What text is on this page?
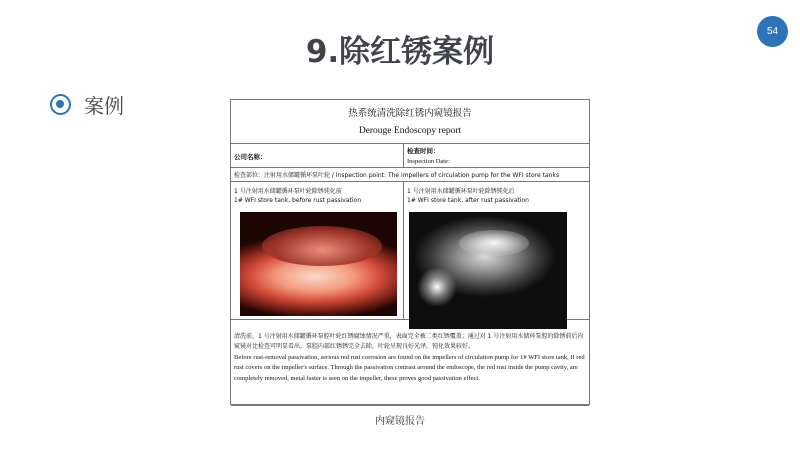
9.除红锈案例
54
案例	热系统清洗除红锈内窥镜报告
Derouge Endoscopy report
公司名称：
检查时间：
Inspection Date:
检查部位：注射用水储罐循环泵叶轮 / Inspection point: The impellers of circulation pump for the WFI store tanks
1 号注射用水储罐循环泵叶轮除锈钝化前
1# WFI store tank, before rust passivation
1 号注射用水储罐循环泵叶轮除锈钝化后
1# WFI store tank, after rust passivation
清洗前，1 号注射用水储罐循环泵腔叶轮红锈腐蚀情况严重，表面完全被二类红锈覆盖；通过对 1 号注射用水储环泵腔的除锈前后内窥镜对比检查可明显看出，泵腔内部红锈锈完全去除，叶轮呈现良好光泽，钝化效果较好。
Before rust-removal passivation, serious red rust corrosion are found on the impellers of circulation pump for 1# WFI store tank, II red rust covers on the impeller's surface. Through the passivation contrast around the endoscope, the red rust inside the pump cavity, are completely removed, metal luster is seen on the impeller, these proves good passivation effect.
内窥镜报告
